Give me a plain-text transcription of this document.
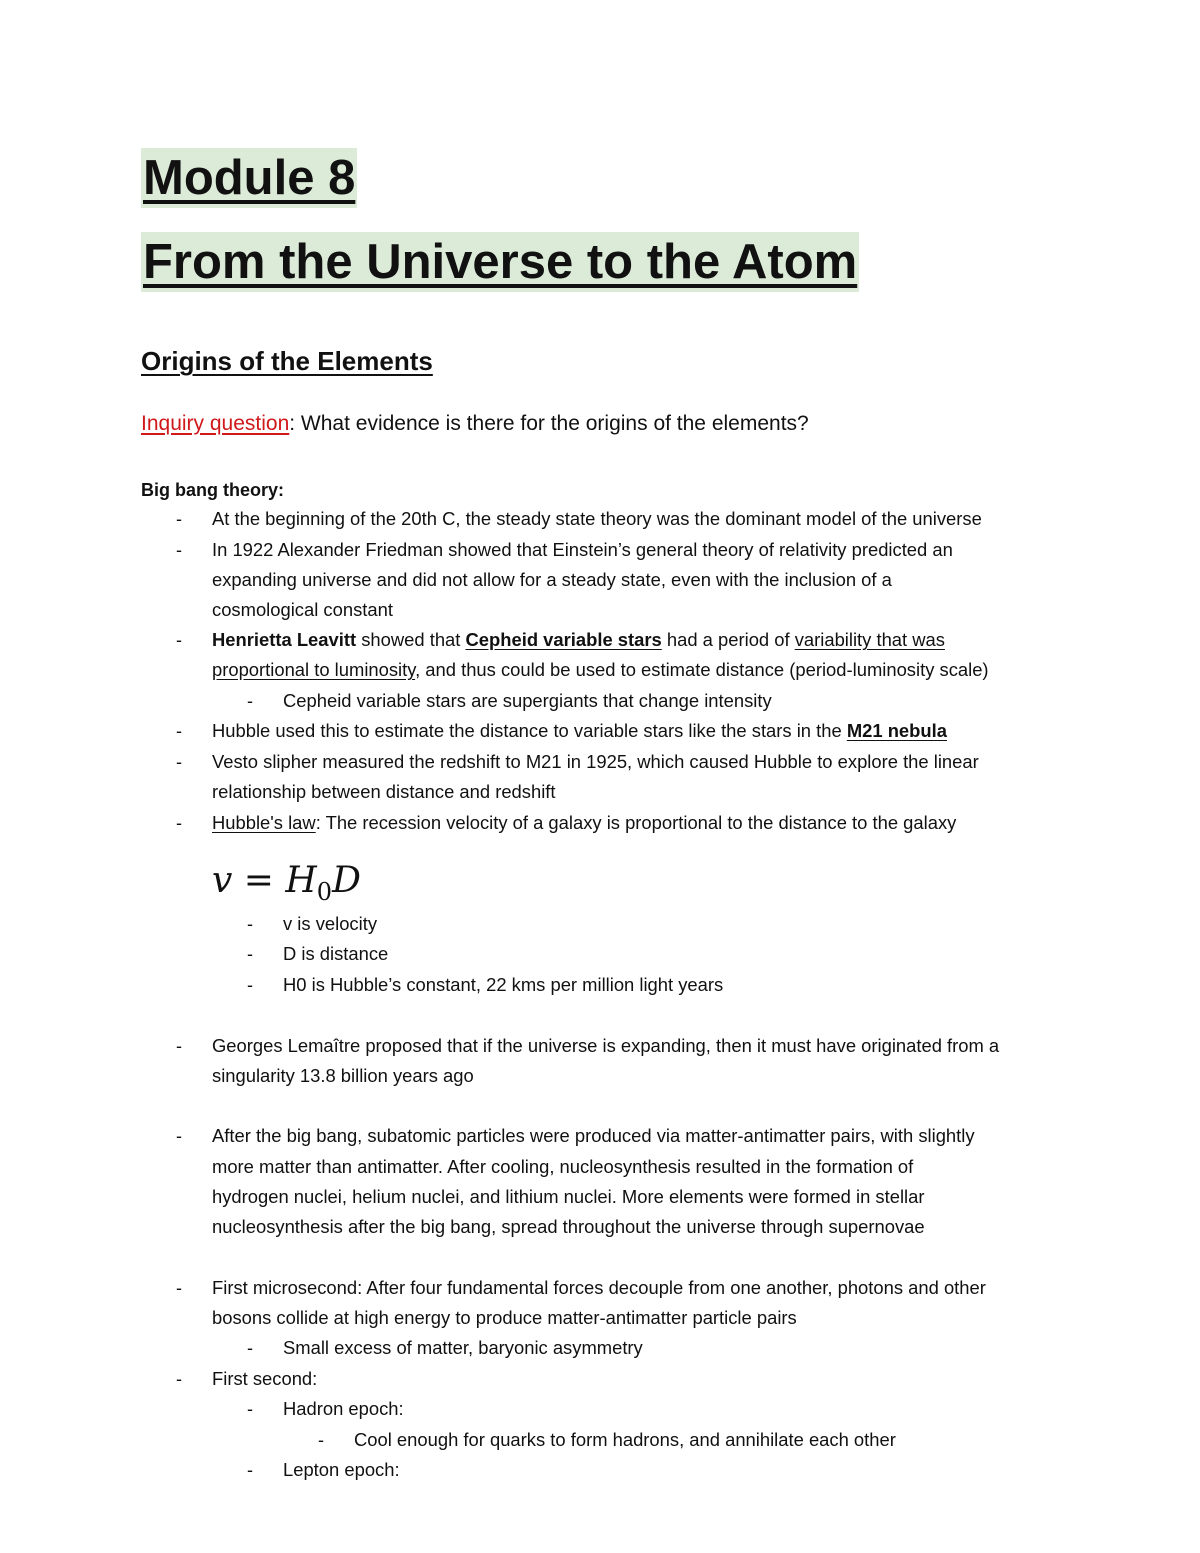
Module 8
From the Universe to the Atom
Origins of the Elements
Inquiry question: What evidence is there for the origins of the elements?
Big bang theory:
- At the beginning of the 20th C, the steady state theory was the dominant model of the universe
- In 1922 Alexander Friedman showed that Einstein’s general theory of relativity predicted an
expanding universe and did not allow for a steady state, even with the inclusion of a
cosmological constant
- Henrietta Leavitt showed that Cepheid variable stars had a period of variability that was
proportional to luminosity, and thus could be used to estimate distance (period-luminosity scale)
- Cepheid variable stars are supergiants that change intensity
- Hubble used this to estimate the distance to variable stars like the stars in the M21 nebula
- Vesto slipher measured the redshift to M21 in 1925, which caused Hubble to explore the linear
relationship between distance and redshift
- Hubble's law: The recession velocity of a galaxy is proportional to the distance to the galaxy
$v = H_0D$
- v is velocity
- D is distance
- H0 is Hubble’s constant, 22 kms per million light years
- Georges Lemaître proposed that if the universe is expanding, then it must have originated from a
singularity 13.8 billion years ago
- After the big bang, subatomic particles were produced via matter-antimatter pairs, with slightly
more matter than antimatter. After cooling, nucleosynthesis resulted in the formation of
hydrogen nuclei, helium nuclei, and lithium nuclei. More elements were formed in stellar
nucleosynthesis after the big bang, spread throughout the universe through supernovae
- First microsecond: After four fundamental forces decouple from one another, photons and other
bosons collide at high energy to produce matter-antimatter particle pairs
- Small excess of matter, baryonic asymmetry
- First second:
- Hadron epoch:
- Cool enough for quarks to form hadrons, and annihilate each other
- Lepton epoch:
